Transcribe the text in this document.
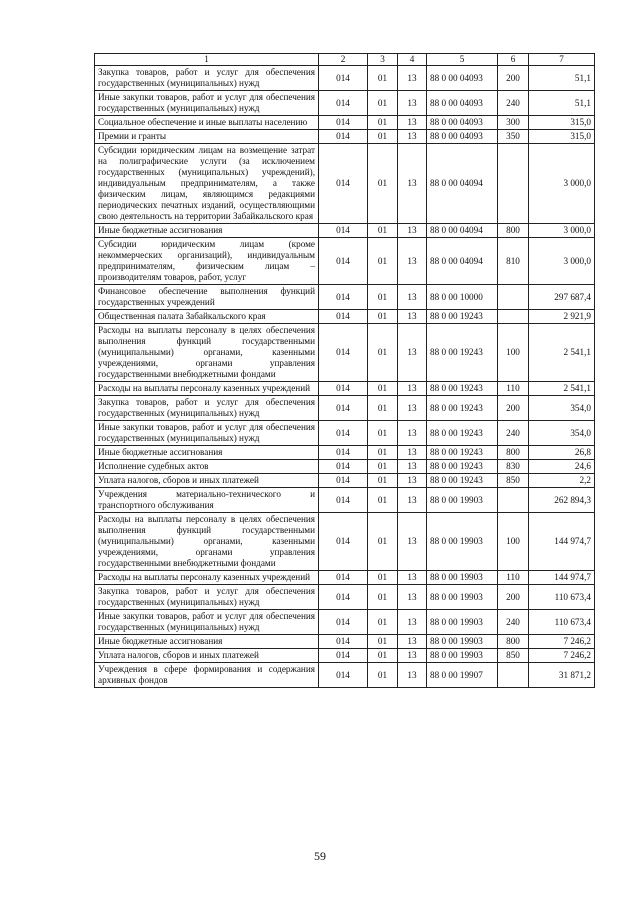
1	2	3	4	5	6	7
Закупка товаров, работ и услуг для обеспечения государственных (муниципальных) нужд	014	01	13	88 0 00 04093	200	51,1
Иные закупки товаров, работ и услуг для обеспечения государственных (муниципальных) нужд	014	01	13	88 0 00 04093	240	51,1
Социальное обеспечение и иные выплаты населению	014	01	13	88 0 00 04093	300	315,0
Премии и гранты	014	01	13	88 0 00 04093	350	315,0
Субсидии юридическим лицам на возмещение затрат на полиграфические услуги (за исключением государственных (муниципальных) учреждений), индивидуальным предпринимателям, а также физическим лицам, являющимся редакциями периодических печатных изданий, осуществляющими свою деятельность на территории Забайкальского края	014	01	13	88 0 00 04094		3 000,0
Иные бюджетные ассигнования	014	01	13	88 0 00 04094	800	3 000,0
Субсидии юридическим лицам (кроме некоммерческих организаций), индивидуальным предпринимателям, физическим лицам – производителям товаров, работ, услуг	014	01	13	88 0 00 04094	810	3 000,0
Финансовое обеспечение выполнения функций государственных учреждений	014	01	13	88 0 00 10000		297 687,4
Общественная палата Забайкальского края	014	01	13	88 0 00 19243		2 921,9
Расходы на выплаты персоналу в целях обеспечения выполнения функций государственными (муниципальными) органами, казенными учреждениями, органами управления государственными внебюджетными фондами	014	01	13	88 0 00 19243	100	2 541,1
Расходы на выплаты персоналу казенных учреждений	014	01	13	88 0 00 19243	110	2 541,1
Закупка товаров, работ и услуг для обеспечения государственных (муниципальных) нужд	014	01	13	88 0 00 19243	200	354,0
Иные закупки товаров, работ и услуг для обеспечения государственных (муниципальных) нужд	014	01	13	88 0 00 19243	240	354,0
Иные бюджетные ассигнования	014	01	13	88 0 00 19243	800	26,8
Исполнение судебных актов	014	01	13	88 0 00 19243	830	24,6
Уплата налогов, сборов и иных платежей	014	01	13	88 0 00 19243	850	2,2
Учреждения материально-технического и транспортного обслуживания	014	01	13	88 0 00 19903		262 894,3
Расходы на выплаты персоналу в целях обеспечения выполнения функций государственными (муниципальными) органами, казенными учреждениями, органами управления государственными внебюджетными фондами	014	01	13	88 0 00 19903	100	144 974,7
Расходы на выплаты персоналу казенных учреждений	014	01	13	88 0 00 19903	110	144 974,7
Закупка товаров, работ и услуг для обеспечения государственных (муниципальных) нужд	014	01	13	88 0 00 19903	200	110 673,4
Иные закупки товаров, работ и услуг для обеспечения государственных (муниципальных) нужд	014	01	13	88 0 00 19903	240	110 673,4
Иные бюджетные ассигнования	014	01	13	88 0 00 19903	800	7 246,2
Уплата налогов, сборов и иных платежей	014	01	13	88 0 00 19903	850	7 246,2
Учреждения в сфере формирования и содержания архивных фондов	014	01	13	88 0 00 19907		31 871,2
59
